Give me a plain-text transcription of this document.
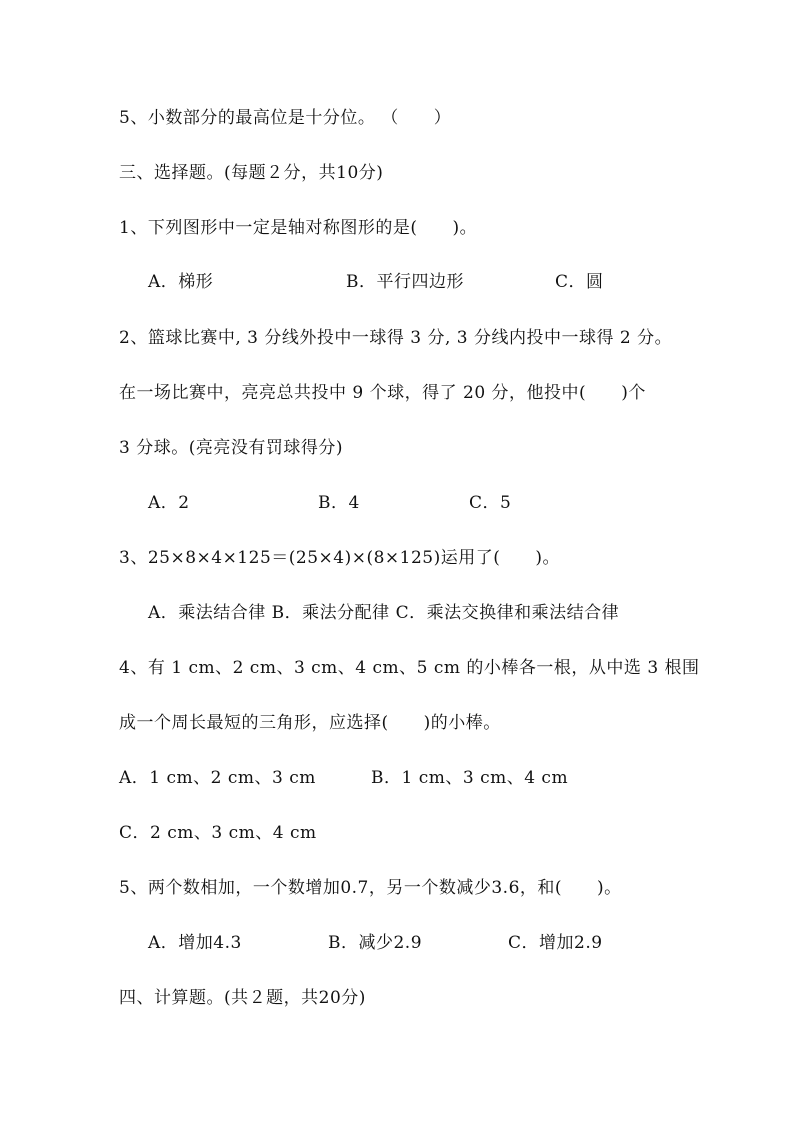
5、小数部分的最高位是十分位。 （　　）
三、选择题。(每题２分，共10分)
1、下列图形中一定是轴对称图形的是(　　)。
A．梯形	B．平行四边形	C．圆
2、篮球比赛中, 3 分线外投中一球得 3 分, 3 分线内投中一球得 2 分。
在一场比赛中，亮亮总共投中 9 个球，得了 20 分，他投中(　　)个
3 分球。(亮亮没有罚球得分)
A．2	B．4	C．5
3、25×8×4×125＝(25×4)×(8×125)运用了(　　)。
A．乘法结合律 B．乘法分配律 C．乘法交换律和乘法结合律
4、有 1 cm、2 cm、3 cm、4 cm、5 cm 的小棒各一根，从中选 3 根围
成一个周长最短的三角形，应选择(　　)的小棒。
A．1 cm、2 cm、3 cm	B．1 cm、3 cm、4 cm
C．2 cm、3 cm、4 cm
5、两个数相加，一个数增加0.7，另一个数减少3.6，和(　　)。
A．增加4.3	B．减少2.9	C．增加2.9
四、计算题。(共２题，共20分)
